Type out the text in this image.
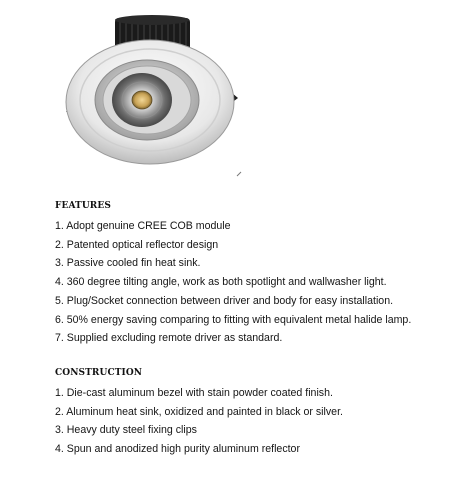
FEATURES
1. Adopt genuine CREE COB module
2. Patented optical reflector design
3. Passive cooled fin heat sink.
4. 360 degree tilting angle, work as both spotlight and wallwasher light.
5. Plug/Socket connection between driver and body for easy installation.
6. 50% energy saving comparing to fitting with equivalent metal halide lamp.
7. Supplied excluding remote driver as standard.
CONSTRUCTION
1. Die-cast aluminum bezel with stain powder coated finish.
2. Aluminum heat sink, oxidized and painted in black or silver.
3. Heavy duty steel fixing clips
4. Spun and anodized high purity aluminum reflector
